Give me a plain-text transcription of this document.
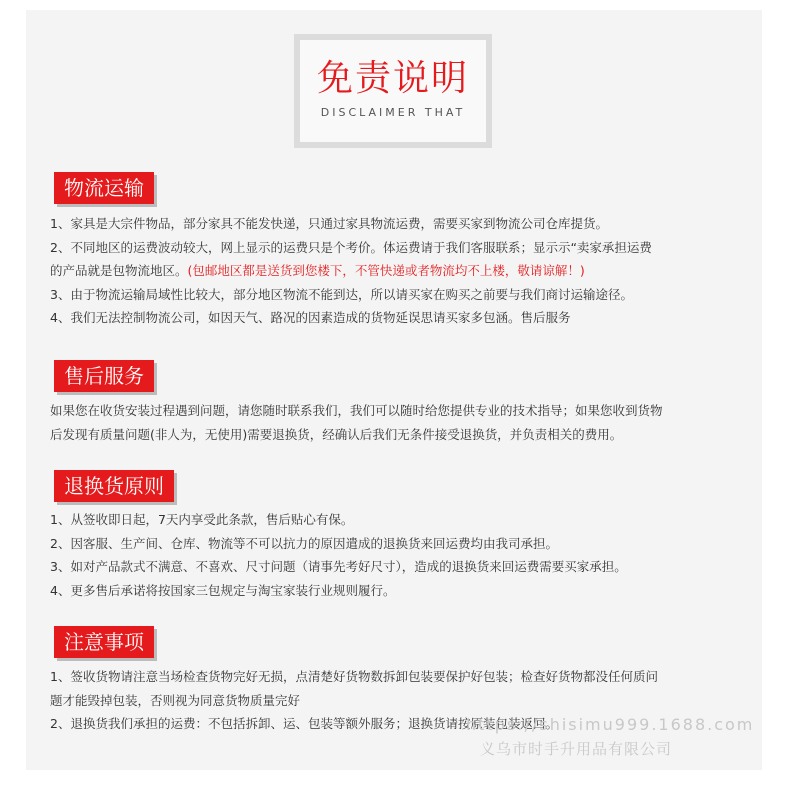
免责说明
DISCLAIMER THAT
物流运输

1、家具是大宗件物品，部分家具不能发快递，只通过家具物流运费，需要买家到物流公司仓库提货。

2、不同地区的运费波动较大，网上显示的运费只是个考价。体运费请于我们客服联系；显示示“卖家承担运费

的产品就是包物流地区。(包邮地区都是送货到您楼下，不管快递或者物流均不上楼，敬请谅解！)

3、由于物流运输局域性比较大，部分地区物流不能到达，所以请买家在购买之前要与我们商讨运输途径。

4、我们无法控制物流公司，如因天气、路况的因素造成的货物延误思请买家多包涵。售后服务

售后服务

如果您在收货安装过程遇到问题，请您随时联系我们，我们可以随时给您提供专业的技术指导；如果您收到货物

后发现有质量问题(非人为，无使用)需要退换货，经确认后我们无条件接受退换货，并负责相关的费用。

退换货原则

1、从签收即日起，7天内享受此条款，售后贴心有保。

2、因客服、生产间、仓库、物流等不可以抗力的原因遣成的退换货来回运费均由我司承担。

3、如对产品款式不满意、不喜欢、尺寸问题（请事先考好尺寸），造成的退换货来回运费需要买家承担。

4、更多售后承诺将按国家三包规定与淘宝家装行业规则履行。

注意事项

1、签收货物请注意当场检查货物完好无损，点清楚好货物数拆卸包装要保护好包装；检查好货物都没任何质问

题才能毁掉包装，否则视为同意货物质量完好

2、退换货我们承担的运费：不包括拆卸、运、包装等额外服务；退换货请按原装包装返回。

https://shisimu999.1688.com
义乌市时手升用品有限公司
